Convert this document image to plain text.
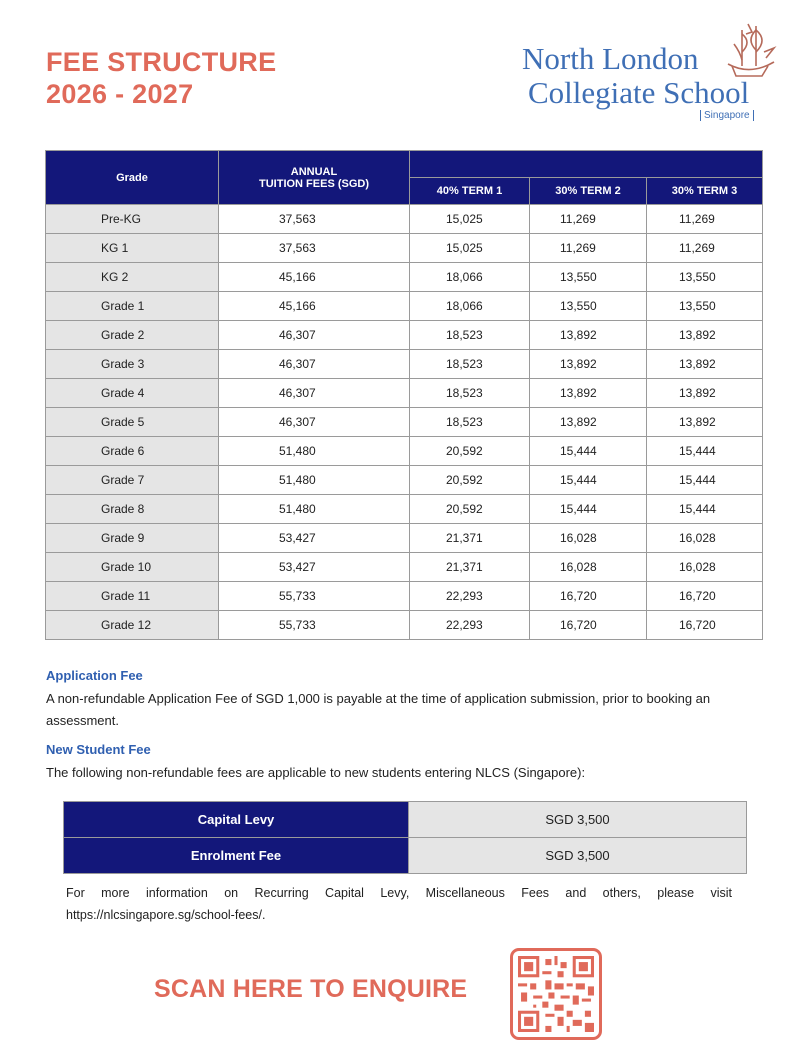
FEE STRUCTURE
2026 - 2027
North London
Collegiate School
Singapore
Grade	ANNUAL
TUITION FEES (SGD)			

		40% TERM 1	30% TERM 2	30% TERM 3
Pre-KG	37,563	15,025	11,269	11,269
KG 1	37,563	15,025	11,269	11,269
KG 2	45,166	18,066	13,550	13,550
Grade 1	45,166	18,066	13,550	13,550
Grade 2	46,307	18,523	13,892	13,892
Grade 3	46,307	18,523	13,892	13,892
Grade 4	46,307	18,523	13,892	13,892
Grade 5	46,307	18,523	13,892	13,892
Grade 6	51,480	20,592	15,444	15,444
Grade 7	51,480	20,592	15,444	15,444
Grade 8	51,480	20,592	15,444	15,444
Grade 9	53,427	21,371	16,028	16,028
Grade 10	53,427	21,371	16,028	16,028
Grade 11	55,733	22,293	16,720	16,720
Grade 12	55,733	22,293	16,720	16,720
Application Fee
A non-refundable Application Fee of SGD 1,000 is payable at the time of application submission, prior to booking an assessment.
New Student Fee
The following non-refundable fees are applicable to new students entering NLCS (Singapore):
Capital Levy	SGD 3,500
Enrolment Fee	SGD 3,500
For more information on Recurring Capital Levy, Miscellaneous Fees and others, please visit https://nlcsingapore.sg/school-fees/.
SCAN HERE TO ENQUIRE
